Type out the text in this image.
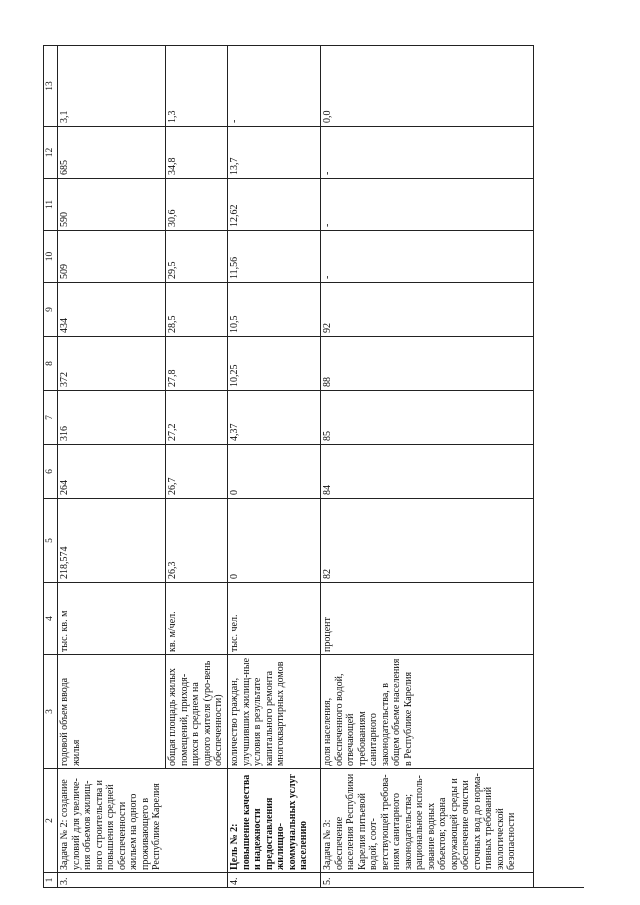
1
2
3
4
5
6
7
8
9
10
11
12
13
3.
Задача № 2: создание условий для увеличе-ния объемов жилищ-ного строительства и повышения средней обеспеченности жильем на одного проживающего в Республике Карелия
годовой объем ввода жилья
тыс. кв. м
218,574
264
316
372
434
509
590
685
3,1
общая площадь жилых помещений, приходя-щихся в среднем на одного жителя (уро-вень обеспеченности)
кв. м/чел.
26,3
26,7
27,2
27,8
28,5
29,5
30,6
34,8
1,3
4.
Цель № 2: повышение качества и надежности предоставления жилищно-коммунальных услуг населению
количество граждан, улучшивших жилищ-ные условия в результате капитального ремонта многоквартирных домов
тыс. чел.
0
0
4,37
10,25
10,5
11,56
12,62
13,7
-
5.
Задача № 3: обеспечение населения Республики Карелия питьевой водой, соот-ветствующей требова-ниям санитарного законодательства; рациональное исполь-зование водных объектов; охрана окружающей среды и обеспечение очистки сточных вод до норма-тивных требований экологической безопасности
доля населения, обеспеченного водой, отвечающей требованиям санитарного законодательства, в общем объеме населения в Республике Карелия
процент
82
84
85
88
92
-
-
-
0,0
